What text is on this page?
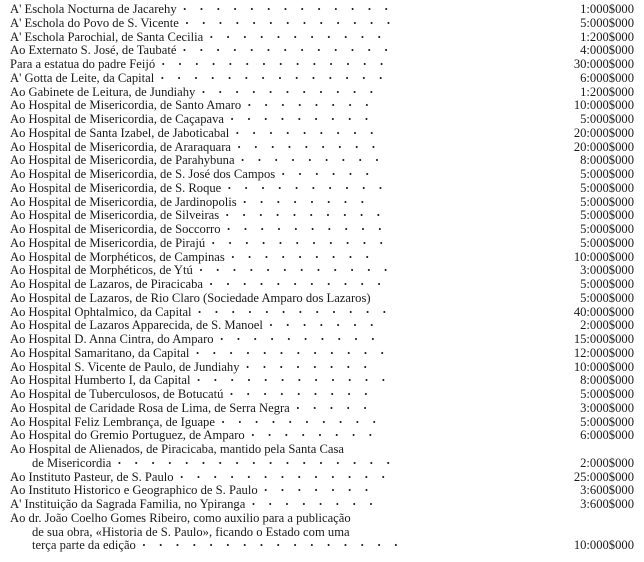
A' Eschola Nocturna de Jacarehy · · · · · · · · · · · · · 	1:000$000
A' Eschola do Povo de S. Vicente · · · · · · · · · · · · · 	5:000$000
A' Eschola Parochial, de Santa Cecilia · · · · · · · · · · · 	1:200$000
Ao Externato S. José, de Taubaté · · · · · · · · · · · · · 	4:000$000
Para a estatua do padre Feijó · · · · · · · · · · · · · · 	30:000$000
A' Gotta de Leite, da Capital · · · · · · · · · · · · · · 	6:000$000
Ao Gabinete de Leitura, de Jundiahy · · · · · · · · · · · 	1:200$000
Ao Hospital de Misericordia, de Santo Amaro · · · · · · · · 	10:000$000
Ao Hospital de Misericordia, de Caçapava · · · · · · · · · 	5:000$000
Ao Hospital de Santa Izabel, de Jaboticabal · · · · · · · · · 	20:000$000
Ao Hospital de Misericordia, de Araraquara · · · · · · · · · 	20:000$000
Ao Hospital de Misericordia, de Parahybuna · · · · · · · · · 	8:000$000
Ao Hospital de Misericordia, de S. José dos Campos · · · · · · 	5:000$000
Ao Hospital de Misericordia, de S. Roque · · · · · · · · · · 	5:000$000
Ao Hospital de Misericordia, de Jardinopolis · · · · · · · · 	5:000$000
Ao Hospital de Misericordia, de Silveiras · · · · · · · · · · 	5:000$000
Ao Hospital de Misericordia, de Soccorro · · · · · · · · · · 	5:000$000
Ao Hospital de Misericordia, de Pirajú · · · · · · · · · · · 	5:000$000
Ao Hospital de Morphéticos, de Campinas · · · · · · · · · 	10:000$000
Ao Hospital de Morphéticos, de Ytú · · · · · · · · · · · · 	3:000$000
Ao Hospital de Lazaros, de Piracicaba · · · · · · · · · · · 	5:000$000
Ao Hospital de Lazaros, de Rio Claro (Sociedade Amparo dos Lazaros)	5:000$000
Ao Hospital Ophtalmico, da Capital · · · · · · · · · · · · 	40:000$000
Ao Hospital de Lazaros Apparecida, de S. Manoel · · · · · · · 	2:000$000
Ao Hospital D. Anna Cintra, do Amparo · · · · · · · · · · 	15:000$000
Ao Hospital Samaritano, da Capital · · · · · · · · · · · · 	12:000$000
Ao Hospital S. Vicente de Paulo, de Jundiahy · · · · · · · · 	10:000$000
Ao Hospital Humberto I, da Capital · · · · · · · · · · · · 	8:000$000
Ao Hospital de Tuberculosos, de Botucatú · · · · · · · · · 	5:000$000
Ao Hospital de Caridade Rosa de Lima, de Serra Negra · · · · · 	3:000$000
Ao Hospital Feliz Lembrança, de Iguape · · · · · · · · · · 	5:000$000
Ao Hospital do Gremio Portuguez, de Amparo · · · · · · · · 	6:000$000
Ao Hospital de Alienados, de Piracicaba, mantido pela Santa Casa
de Misericordia · · · · · · · · · · · · · · · · · 	2:000$000
Ao Instituto Pasteur, de S. Paulo · · · · · · · · · · · · · 	25:000$000
Ao Instituto Historico e Geographico de S. Paulo · · · · · · · 	3:600$000
A' Instituição da Sagrada Familia, no Ypiranga · · · · · · · · 	3:600$000
Ao dr. João Coelho Gomes Ribeiro, como auxilio para a publicação
de sua obra, «Historia de S. Paulo», ficando o Estado com uma
terça parte da edição · · · · · · · · · · · · · · · · 	10:000$000
